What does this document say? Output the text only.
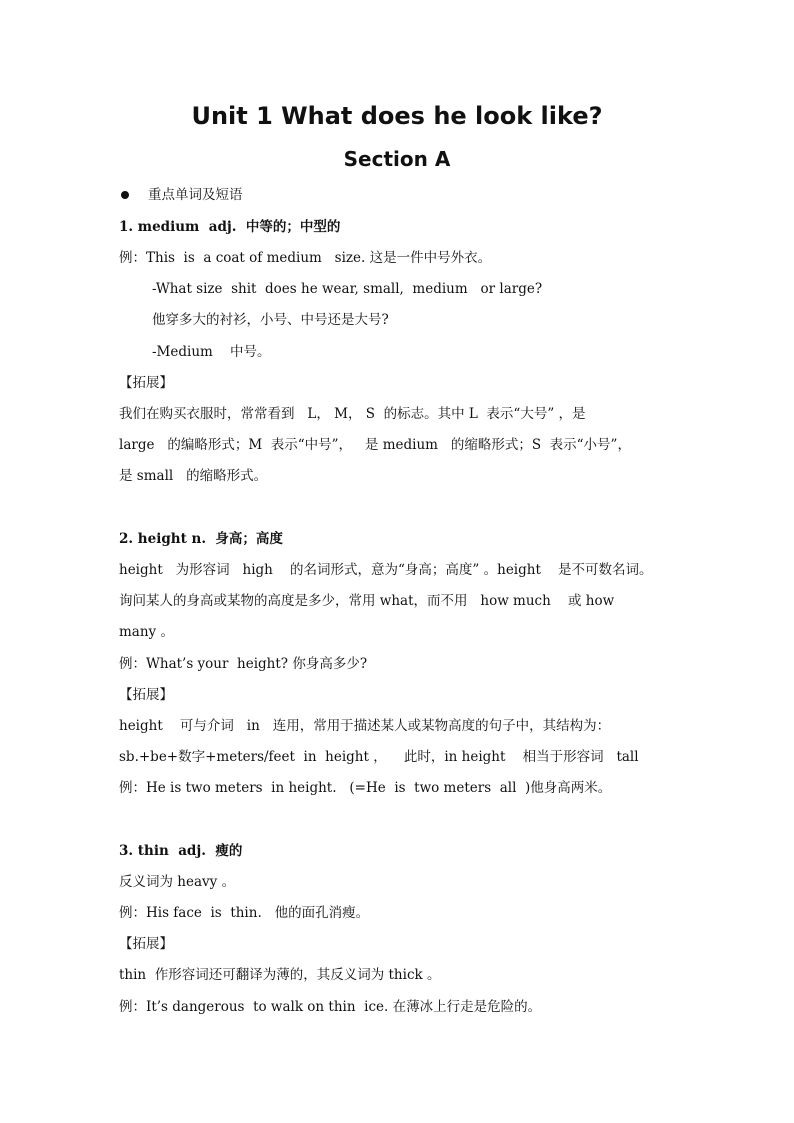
Unit 1 What does he look like?
Section A
重点单词及短语
1. medium  adj.  中等的；中型的
例：This  is  a coat of medium   size. 这是一件中号外衣。
-What size  shit  does he wear, small,  medium   or large?
他穿多大的衬衫，小号、中号还是大号?
-Medium    中号。
【拓展】
我们在购买衣服时，常常看到   L， M， S  的标志。其中 L  表示“大号” ，是
large   的编略形式；M  表示“中号”，   是 medium   的缩略形式；S  表示“小号”，
是 small   的缩略形式。
2. height n.  身高；高度
height   为形容词   high    的名词形式，意为“身高；高度” 。height    是不可数名词。
询问某人的身高或某物的高度是多少，常用 what，而不用   how much    或 how
many 。
例：What’s your  height? 你身高多少?
【拓展】
height    可与介词   in   连用，常用于描述某人或某物高度的句子中，其结构为：
sb.+be+数字+meters/feet  in  height ，    此时，in height    相当于形容词   tall
例：He is two meters  in height.   (=He  is  two meters  all  )他身高两米。
3. thin  adj.  瘦的
反义词为 heavy 。
例：His face  is  thin.   他的面孔消瘦。
【拓展】
thin  作形容词还可翻译为薄的，其反义词为 thick 。
例：It’s dangerous  to walk on thin  ice. 在薄冰上行走是危险的。
